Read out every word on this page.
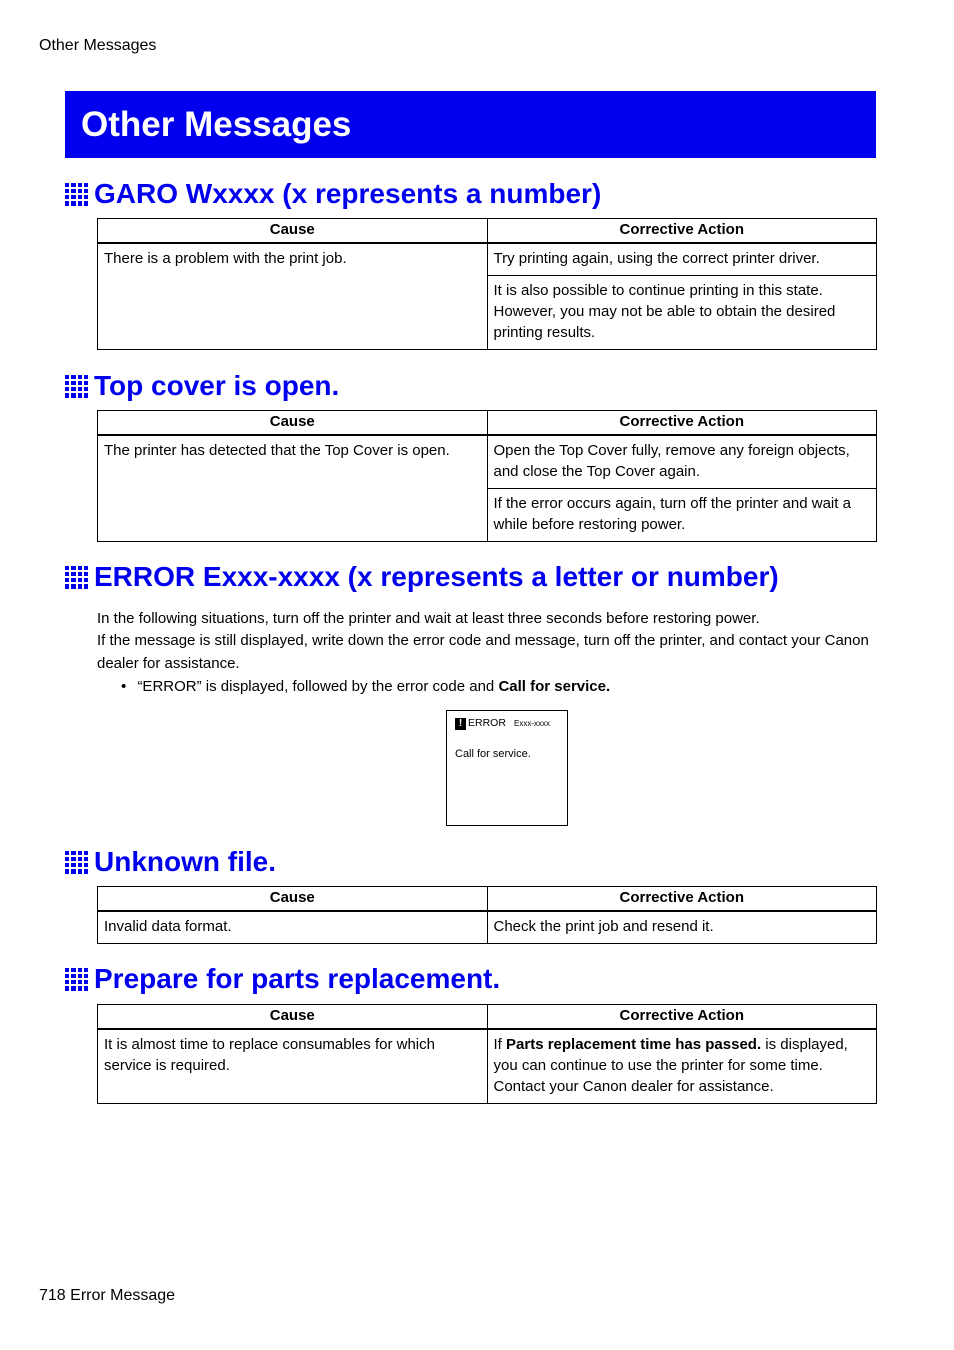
Other Messages
Other Messages
GARO Wxxxx (x represents a number)
Cause	Corrective Action
There is a problem with the print job.	Try printing again, using the correct printer driver.
	It is also possible to continue printing in this state. However, you may not be able to obtain the desired printing results.
Top cover is open.
Cause	Corrective Action
The printer has detected that the Top Cover is open.	Open the Top Cover fully, remove any foreign objects, and close the Top Cover again.
	If the error occurs again, turn off the printer and wait a while before restoring power.
ERROR Exxx-xxxx (x represents a letter or number)
In the following situations, turn off the printer and wait at least three seconds before restoring power.
If the message is still displayed, write down the error code and message, turn off the printer, and contact your Canon dealer for assistance.
• “ERROR” is displayed, followed by the error code and Call for service.
! ERROR Exxx-xxxx
Call for service.
Unknown file.
Cause	Corrective Action
Invalid data format.	Check the print job and resend it.
Prepare for parts replacement.
Cause	Corrective Action
It is almost time to replace consumables for which service is required.	If Parts replacement time has passed. is displayed, you can continue to use the printer for some time. Contact your Canon dealer for assistance.
718 Error Message
